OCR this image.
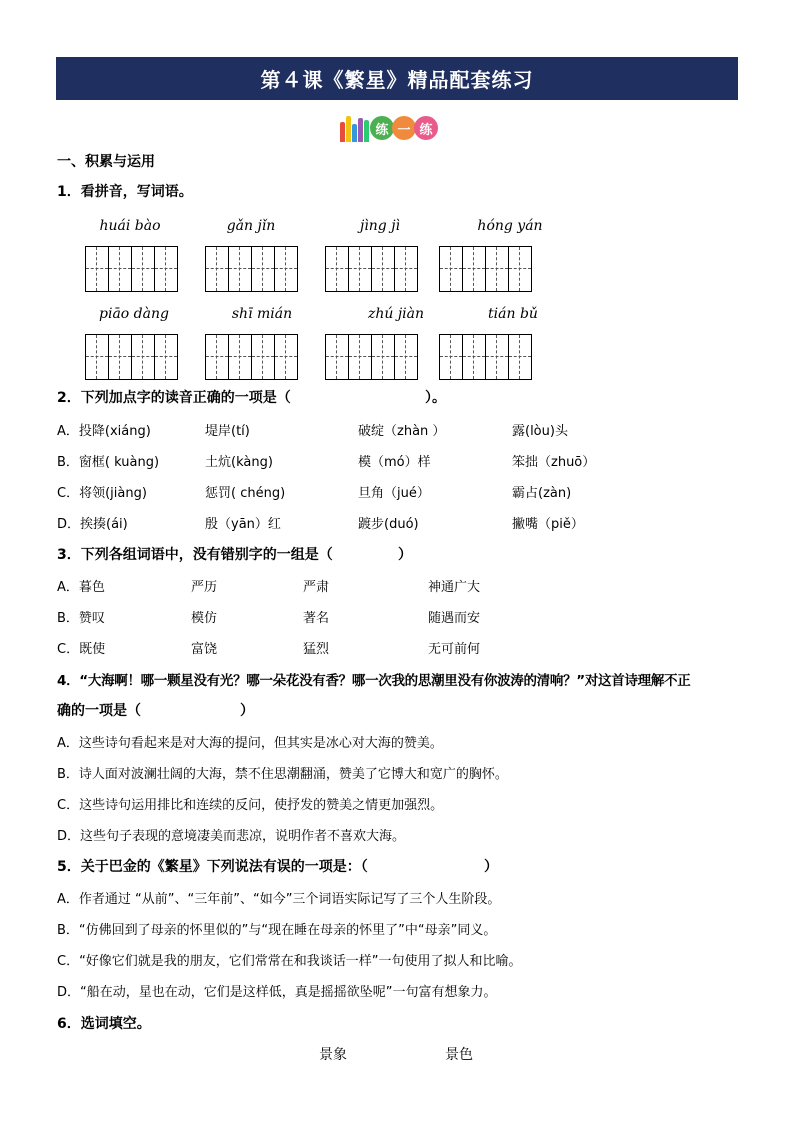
第４课《繁星》精品配套练习
练 一 练
一、积累与运用
1．看拼音，写词语。
huái bào	gǎn jǐn	jìng jì	hóng yán
piāo dàng	shī mián	zhú jiàn	tián bǔ
2．下列加点字的读音正确的一项是（	）。
A．投降(xiáng)	堤岸(tí)	破绽（zhàn ）	露(lòu)头
B．窗框( kuàng)	土炕(kàng)	模（mó）样	笨拙（zhuō）
C．将领(jiàng)	惩罚( chéng)	旦角（jué）	霸占(zàn)
D．挨揍(ái)	殷（yān）红	踱步(duó)	撇嘴（piě）
3．下列各组词语中，没有错别字的一组是（	）
A．暮色	严历	严肃	神通广大
B．赞叹	模仿	著名	随遇而安
C．既使	富饶	猛烈	无可前何
4．“大海啊！哪一颗星没有光？哪一朵花没有香？哪一次我的思潮里没有你波涛的清响？”对这首诗理解不正
确的一项是（	）
A．这些诗句看起来是对大海的提问，但其实是冰心对大海的赞美。
B．诗人面对波澜壮阔的大海，禁不住思潮翻涌，赞美了它博大和宽广的胸怀。
C．这些诗句运用排比和连续的反问，使抒发的赞美之情更加强烈。
D．这些句子表现的意境凄美而悲凉，说明作者不喜欢大海。
5．关于巴金的《繁星》下列说法有误的一项是：（	）
A．作者通过 “从前”、“三年前”、“如今”三个词语实际记写了三个人生阶段。
B．“仿佛回到了母亲的怀里似的”与“现在睡在母亲的怀里了”中“母亲”同义。
C．“好像它们就是我的朋友，它们常常在和我谈话一样”一句使用了拟人和比喻。
D．“船在动，星也在动，它们是这样低，真是摇摇欲坠呢”一句富有想象力。
6．选词填空。
景象	景色
